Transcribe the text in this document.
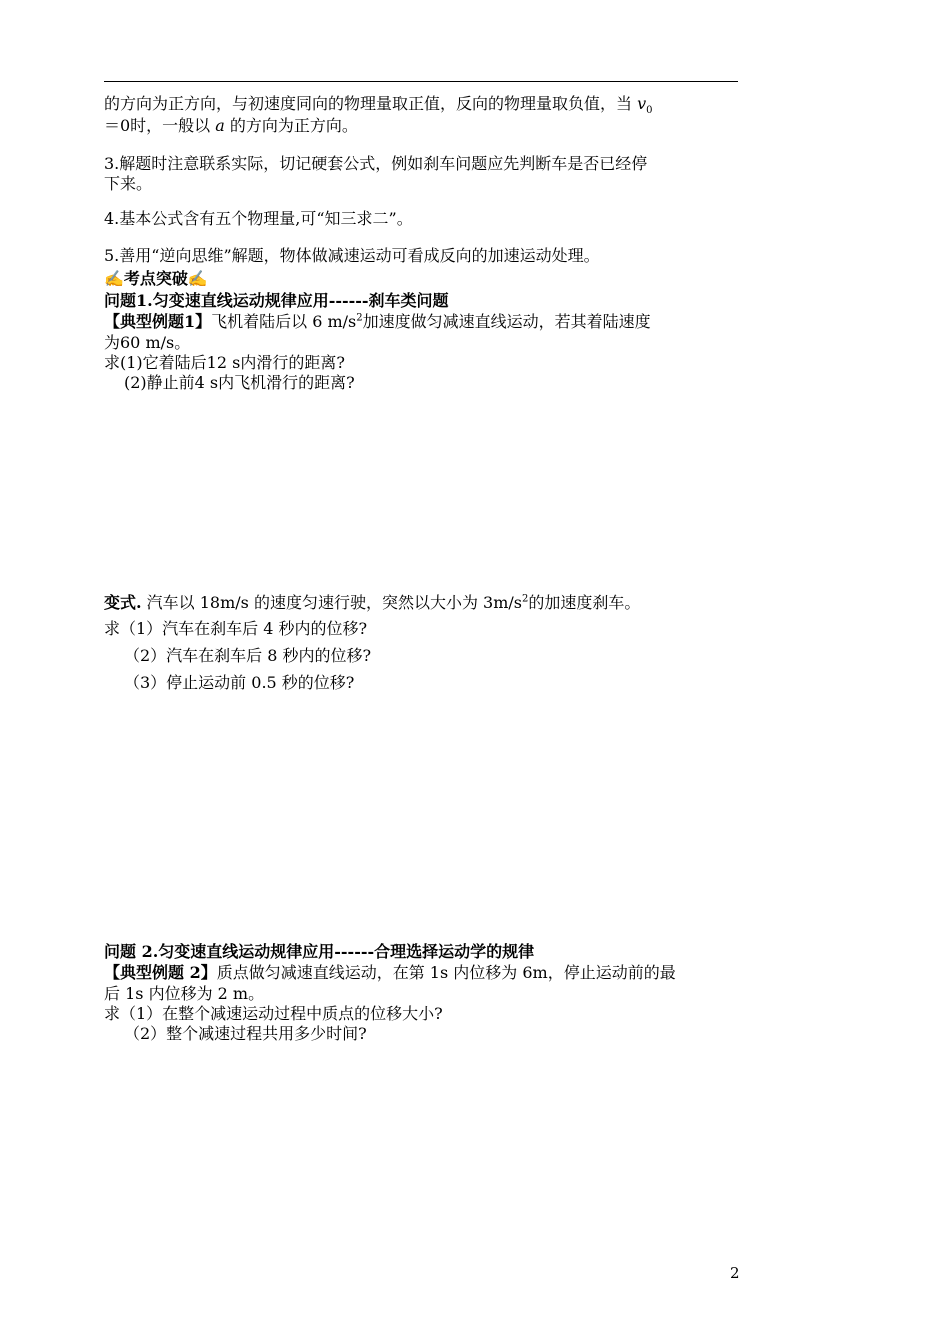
的方向为正方向，与初速度同向的物理量取正值，反向的物理量取负值，当 $v_0$
＝0时，一般以 a 的方向为正方向。
3.解题时注意联系实际，切记硬套公式，例如刹车问题应先判断车是否已经停
下来。
4.基本公式含有五个物理量,可“知三求二”。
5.善用“逆向思维”解题，物体做减速运动可看成反向的加速运动处理。
✍考点突破✍
问题1.匀变速直线运动规律应用------刹车类问题
【典型例题1】飞机着陆后以 6 $m/s^2$加速度做匀减速直线运动，若其着陆速度
为60 m/s。
求(1)它着陆后12 s内滑行的距离?
(2)静止前4 s内飞机滑行的距离?
变式. 汽车以 18m/s 的速度匀速行驶，突然以大小为 $3m/s^2$的加速度刹车。
求（1）汽车在刹车后 4 秒内的位移?
（2）汽车在刹车后 8 秒内的位移?
（3）停止运动前 0.5 秒的位移?
问题 2.匀变速直线运动规律应用------合理选择运动学的规律
【典型例题 2】质点做匀减速直线运动，在第 1s 内位移为 6m，停止运动前的最
后 1s 内位移为 2 m。
求（1）在整个减速运动过程中质点的位移大小?
（2）整个减速过程共用多少时间?
2
